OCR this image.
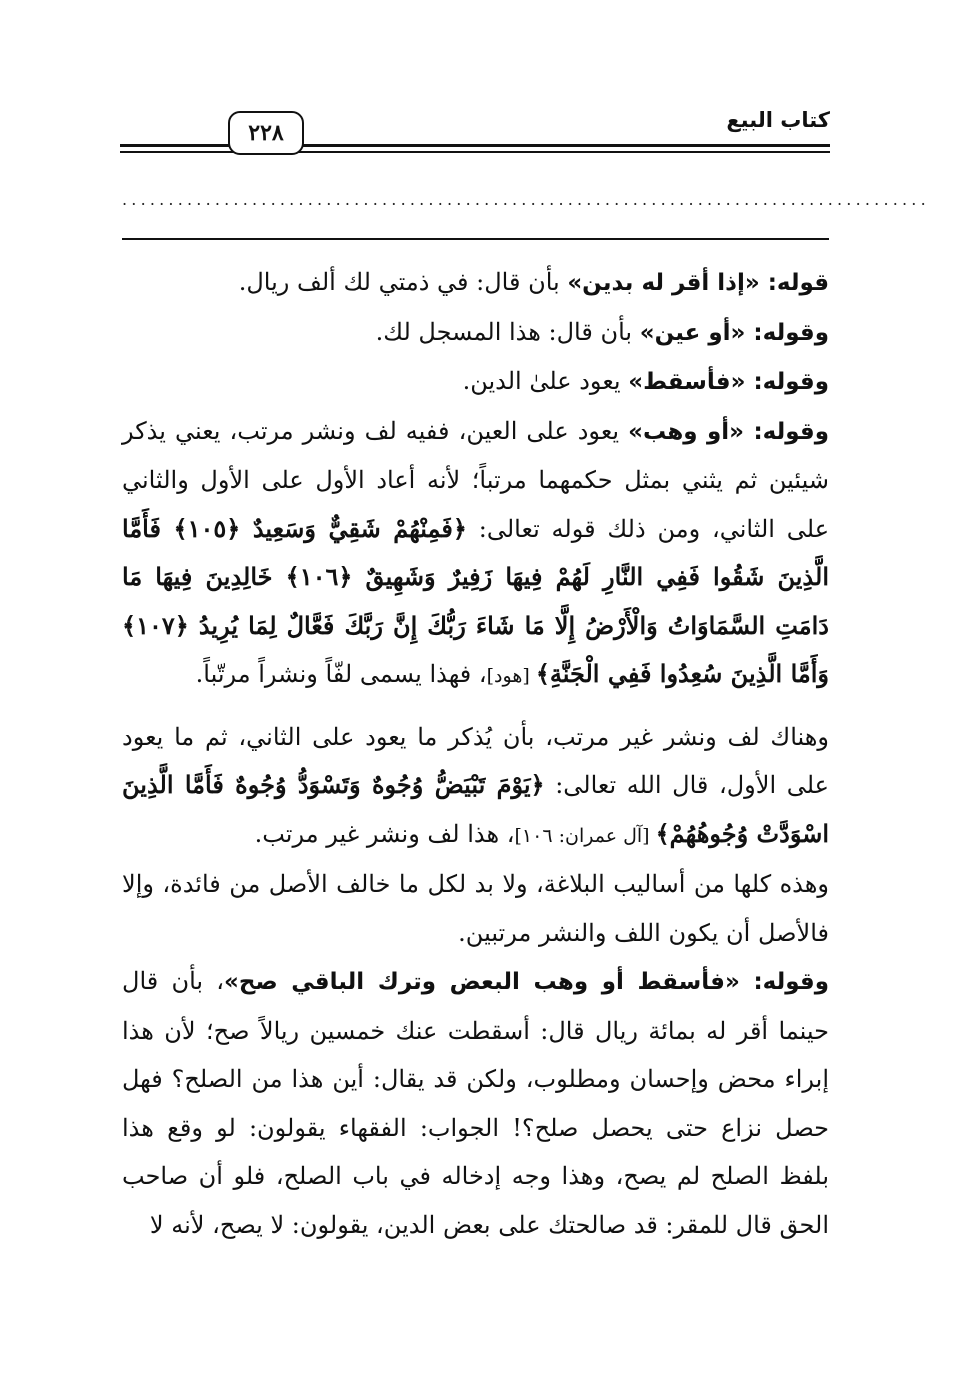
٢٢٨	كتاب البيع
.......................................................................................

قوله: «إذا أقر له بدين» بأن قال: في ذمتي لك ألف ريال.

وقوله: «أو عين» بأن قال: هذا المسجل لك.

وقوله: «فأسقط» يعود علىٰ الدين.

وقوله: «أو وهب» يعود على العين، ففيه لف ونشر مرتب، يعني يذكر شيئين ثم يثني بمثل حكمهما مرتباً؛ لأنه أعاد الأول على الأول والثاني على الثاني، ومن ذلك قوله تعالى: ﴿فَمِنْهُمْ شَقِيٌّ وَسَعِيدٌ ﴿١٠٥﴾ فَأَمَّا الَّذِينَ شَقُوا فَفِي النَّارِ لَهُمْ فِيهَا زَفِيرٌ وَشَهِيقٌ ﴿١٠٦﴾ خَالِدِينَ فِيهَا مَا دَامَتِ السَّمَاوَاتُ وَالْأَرْضُ إِلَّا مَا شَاءَ رَبُّكَ إِنَّ رَبَّكَ فَعَّالٌ لِمَا يُرِيدُ ﴿١٠٧﴾ وَأَمَّا الَّذِينَ سُعِدُوا فَفِي الْجَنَّةِ﴾ [هود]، فهذا يسمى لفّاً ونشراً مرتّباً.

وهناك لف ونشر غير مرتب، بأن يُذكر ما يعود على الثاني، ثم ما يعود على الأول، قال الله تعالى: ﴿يَوْمَ تَبْيَضُّ وُجُوهٌ وَتَسْوَدُّ وُجُوهٌ فَأَمَّا الَّذِينَ اسْوَدَّتْ وُجُوهُهُمْ﴾ [آل عمران: ١٠٦]، هذا لف ونشر غير مرتب.

وهذه كلها من أساليب البلاغة، ولا بد لكل ما خالف الأصل من فائدة، وإلا فالأصل أن يكون اللف والنشر مرتبين.

وقوله: «فأسقط أو وهب البعض وترك الباقي صح»، بأن قال حينما أقر له بمائة ريال قال: أسقطت عنك خمسين ريالاً صح؛ لأن هذا إبراء محض وإحسان ومطلوب، ولكن قد يقال: أين هذا من الصلح؟ فهل حصل نزاع حتى يحصل صلح؟! الجواب: الفقهاء يقولون: لو وقع هذا بلفظ الصلح لم يصح، وهذا وجه إدخاله في باب الصلح، فلو أن صاحب الحق قال للمقر: قد صالحتك على بعض الدين، يقولون: لا يصح، لأنه لا
